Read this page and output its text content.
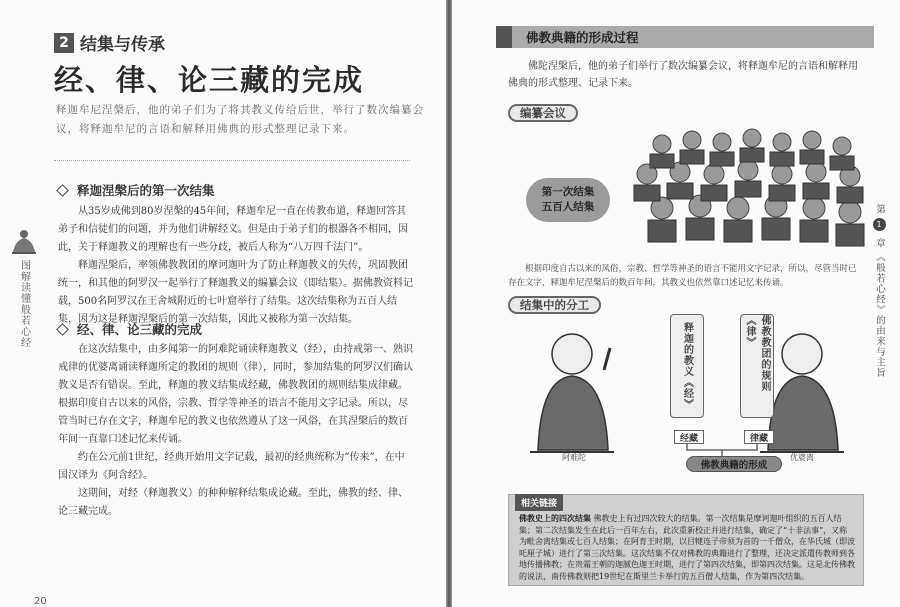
2 结集与传承
经、律、论三藏的完成
释迦牟尼涅槃后，他的弟子们为了将其教义传给后世，举行了数次编纂会议，将释迦牟尼的言语和解释用佛典的形式整理记录下来。
释迦涅槃后的第一次结集

从35岁成佛到80岁涅槃的45年间，释迦牟尼一直在传教布道，释迦回答其弟子和信徒们的问题，并为他们讲解经义。但是由于弟子们的根器各不相同，因此，关于释迦教义的理解也有一些分歧，被后人称为“八万四千法门”。

释迦涅槃后，率领佛教教团的摩诃迦叶为了防止释迦教义的失传，巩固教团统一，和其他的阿罗汉一起举行了释迦教义的编纂会议（即结集）。据佛教资料记载，500名阿罗汉在王舍城附近的七叶窟举行了结集。这次结集称为五百人结集，因为这是释迦涅槃后的第一次结集，因此又被称为第一次结集。

经、律、论三藏的完成

在这次结集中，由多闻第一的阿难陀诵读释迦教义（经），由持戒第一、熟识戒律的优婆离诵读释迦所定的教团的规则（律），同时，参加结集的阿罗汉们确认教义是否有错误。至此，释迦的教义结集成经藏，佛教教团的规则结集成律藏。根据印度自古以来的风俗，宗教、哲学等神圣的语言不能用文字记录。所以，尽管当时已存在文字，释迦牟尼的教义也依然遵从了这一风俗，在其涅槃后的数百年间一直靠口述记忆来传诵。

约在公元前1世纪，经典开始用文字记载，最初的经典统称为“传来”，在中国汉译为《阿含经》。

这期间，对经（释迦教义）的种种解释结集成论藏。至此，佛教的经、律、论三藏完成。

图解读懂般若心经
20
佛教典籍的形成过程
佛陀涅槃后，他的弟子们举行了数次编纂会议，将释迦牟尼的言语和解释用佛典的形式整理、记录下来。
编纂会议
第一次结集
五百人结集
根据印度自古以来的风俗，宗教、哲学等神圣的语言不能用文字记录，所以，尽管当时已存在文字，释迦牟尼涅槃后的数百年间，其教义也依然靠口述记忆来传诵。
结集中的分工
释迦的教义《经》	佛教教团的规则《律》
经藏	律藏
佛教典籍的形成
阿难陀	优婆离
相关链接
佛教史上的四次结集 佛教史上有过四次较大的结集。第一次结集是摩诃迦叶组织的五百人结集；第二次结集发生在此后一百年左右，此次重新校正并进行结集，确定了“十非法事”，又称为毗舍离结集或七百人结集；在阿育王时期，以目犍连子帝须为首的一千僧众，在华氏城（即波吒厘子城）进行了第三次结集。这次结集不仅对佛教的典籍进行了整理，还决定派遣传教师到各地传播佛教；在贵霜王朝的迦腻色迦王时期，进行了第四次结集，即第四次结集。这是北传佛教的说法，南传佛教则把19世纪在斯里兰卡举行的五百僧人结集，作为第四次结集。
第
1
章
《般若心经》的由来与主旨
